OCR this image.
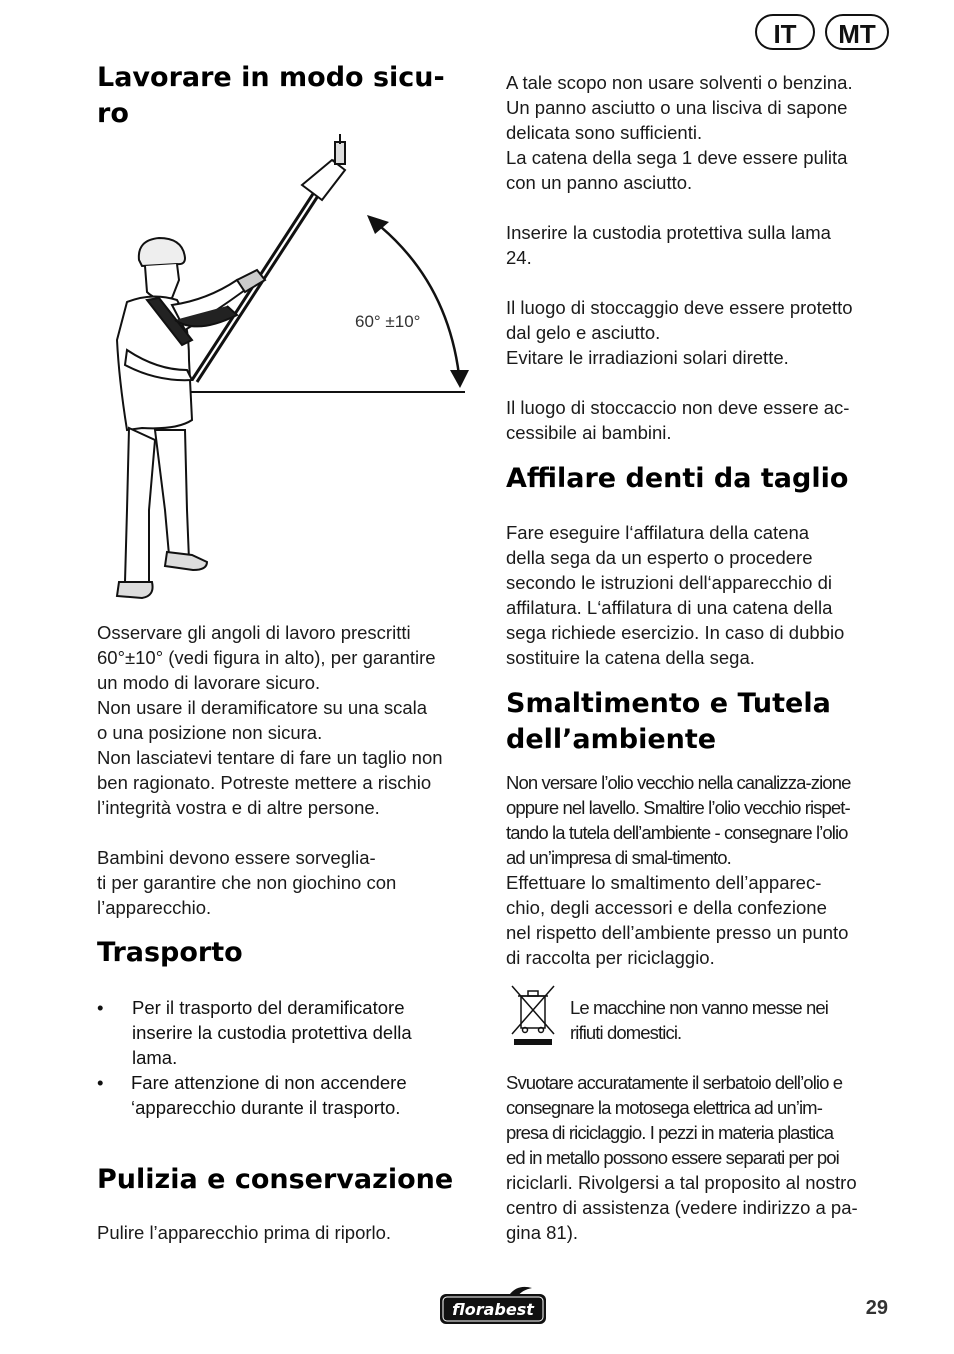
IT	MT
Lavorare in modo sicu-
ro
60° ±10°
Osservare gli angoli di lavoro prescritti
60°±10° (vedi figura in alto), per garantire
un modo di lavorare sicuro.
Non usare il deramificatore su una scala
o una posizione non sicura.
Non lasciatevi tentare di fare un taglio non
ben ragionato. Potreste mettere a rischio
l’integrità vostra e di altre persone.
Bambini devono essere sorveglia-
ti per garantire che non giochino con
l’apparecchio.
Trasporto
• Per il trasporto del deramificatore
inserire la custodia protettiva della
lama.
• Fare attenzione di non accendere
‘apparecchio durante il trasporto.
Pulizia e conservazione
Pulire l’apparecchio prima di riporlo.
A tale scopo non usare solventi o benzina.
Un panno asciutto o una lisciva di sapone
delicata sono sufficienti.
La catena della sega 1 deve essere pulita
con un panno asciutto.
Inserire la custodia protettiva sulla lama
24.
Il luogo di stoccaggio deve essere protetto
dal gelo e asciutto.
Evitare le irradiazioni solari dirette.
Il luogo di stoccaccio non deve essere ac-
cessibile ai bambini.
Affilare denti da taglio
Fare eseguire l‘affilatura della catena
della sega da un esperto o procedere
secondo le istruzioni dell‘apparecchio di
affilatura. L‘affilatura di una catena della
sega richiede esercizio. In caso di dubbio
sostituire la catena della sega.
Smaltimento e Tutela
dell’ambiente
Non versare l’olio vecchio nella canalizza-zione
oppure nel lavello. Smaltire l’olio vecchio rispet-
tando la tutela dell’ambiente - consegnare l’olio
ad un’impresa di smal-timento.
Effettuare lo smaltimento dell’apparec-
chio, degli accessori e della confezione
nel rispetto dell’ambiente presso un punto
di raccolta per riciclaggio.
Le macchine non vanno messe nei
rifiuti domestici.
Svuotare accuratamente il serbatoio dell’olio e
consegnare la motosega elettrica ad un’im-
presa di riciclaggio. I pezzi in materia plastica
ed in metallo possono essere separati per poi
riciclarli. Rivolgersi a tal proposito al nostro
centro di assistenza (vedere indirizzo a pa-
gina 81).
florabest	29
